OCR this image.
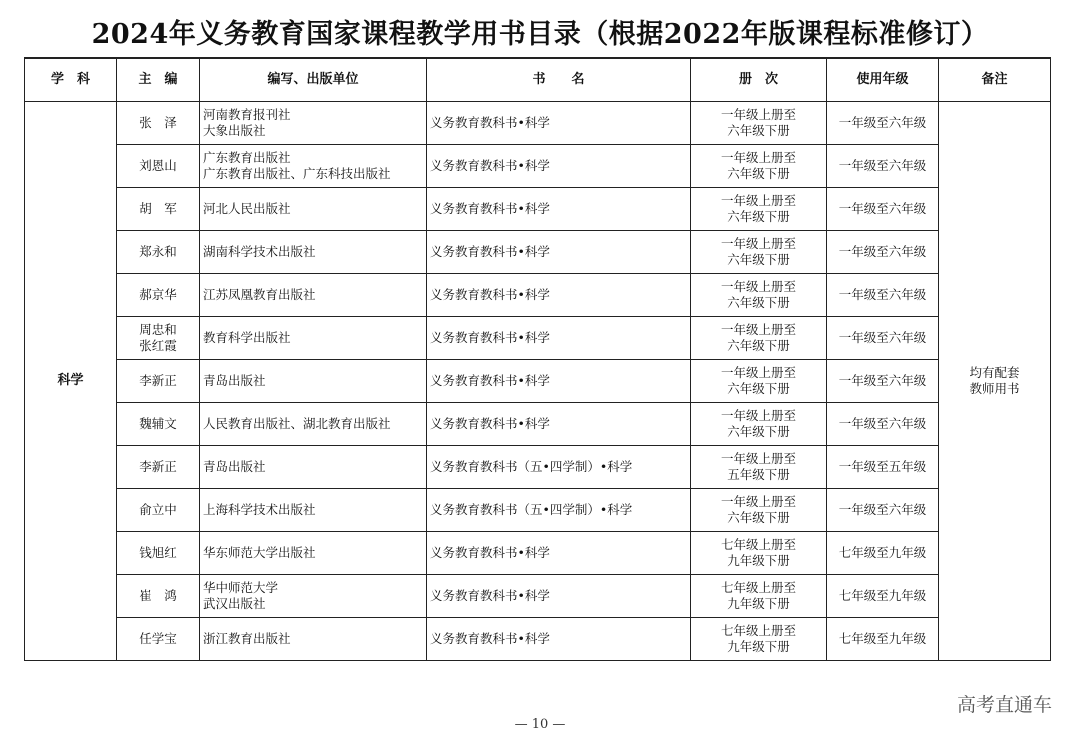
2024年义务教育国家课程教学用书目录（根据2022年版课程标准修订）
学　科	主　编	编写、出版单位	书　　名	册　次	使用年级	备注
科学	张　泽	河南教育报刊社
大象出版社	义务教育教科书•科学	一年级上册至
六年级下册	一年级至六年级	均有配套
教师用书

	刘恩山	广东教育出版社
广东教育出版社、广东科技出版社	义务教育教科书•科学	一年级上册至
六年级下册	一年级至六年级	

	胡　军	河北人民出版社	义务教育教科书•科学	一年级上册至
六年级下册	一年级至六年级	

	郑永和	湖南科学技术出版社	义务教育教科书•科学	一年级上册至
六年级下册	一年级至六年级	

	郝京华	江苏凤凰教育出版社	义务教育教科书•科学	一年级上册至
六年级下册	一年级至六年级	

	周忠和
张红霞	教育科学出版社	义务教育教科书•科学	一年级上册至
六年级下册	一年级至六年级	

	李新正	青岛出版社	义务教育教科书•科学	一年级上册至
六年级下册	一年级至六年级	

	魏辅文	人民教育出版社、湖北教育出版社	义务教育教科书•科学	一年级上册至
六年级下册	一年级至六年级	

	李新正	青岛出版社	义务教育教科书（五•四学制）•科学	一年级上册至
五年级下册	一年级至五年级	

	俞立中	上海科学技术出版社	义务教育教科书（五•四学制）•科学	一年级上册至
六年级下册	一年级至六年级	

	钱旭红	华东师范大学出版社	义务教育教科书•科学	七年级上册至
九年级下册	七年级至九年级	

	崔　鸿	华中师范大学
武汉出版社	义务教育教科书•科学	七年级上册至
九年级下册	七年级至九年级	

	任学宝	浙江教育出版社	义务教育教科书•科学	七年级上册至
九年级下册	七年级至九年级	
— 10 —
高考直通车
